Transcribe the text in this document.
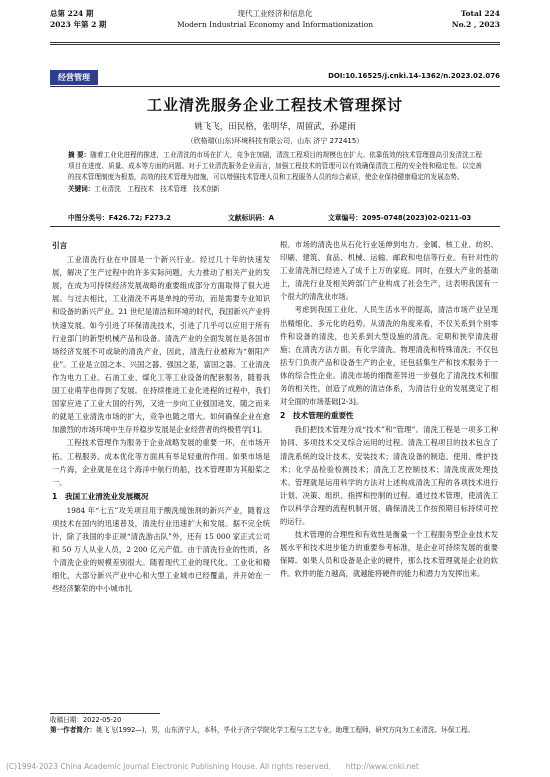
总第 224 期
2023 年第 2 期
现代工业经济和信息化
Modern Industrial Economy and Informationization
Total 224
No.2 , 2023
经营管理	DOI:10.16525/j.cnki.14-1362/n.2023.02.076
工业清洗服务企业工程技术管理探讨
姚飞飞，田民格，张明华，周留武，孙建雨
（欣格瑞(山东)环境科技有限公司，山东 济宁 272415）
摘 要：随着工业化进程的推进，工业清洗的市场在扩大，竞争在加剧，清洗工程项目的规模也在扩大。依靠低效的技术管理提高引发清洗工程项目在进度、质量、成本等方面的问题。对于工业清洗服务企业而言，加强工程技术的管理可以有效确保清洗工程的安全性和稳定性。以完善的技术管理制度为根基，高效的技术管理为措施，可以增强技术管理人员和工程服务人员的综合素质，使企业保持健康稳定的发展态势。
关键词：工业清洗　工程技术　技术管理　技术创新
中图分类号：F426.72; F273.2	文献标识码：A	文章编号：2095-0748(2023)02-0211-03
引言

工业清洗行业在中国是一个新兴行业。经过几十年的快速发展，解决了生产过程中的许多实际问题，大力推动了相关产业的发展，在成为可持续经济发展战略的重要组成部分方面取得了很大进展。与过去相比，工业清洗不再是单纯的劳动，而是需要专业知识和设备的新兴产业。21 世纪是清洁和环境的时代，我国新兴产业将快速发展。如今引进了环保清洗技术，引进了几乎可以应用于所有行业部门的新型机械产品和设备。清洗产业的全面发展在是各国市场经济发展不可或缺的清洗产业，因此，清洗行业被称为“朝阳产业”。工业是立国之本、兴国之器、强国之基，富国之器。工业清洗作为电力工业、石油工业、煤化工等工业设备的配套服务，随着我国工业萌芽也得到了发展。在持续推进工业化进程的过程中，我们国家应进了工业大国的行列，又进一步向工业强国进发，随之而来的就是工业清洗市场的扩大，竞争也随之增大。如何确保企业在愈加激烈的市场环境中生存并稳步发展是企业经营者的终极哲学[1]。

工程技术管理作为服务于企业战略发展的重要一环，在市场开拓、工程服务、成本优化等方面具有举足轻重的作用。如果市场是一片海，企业就是在这个海洋中航行的船，技术管理即为其船桨之一。

1　我国工业清洗业发展概况

1984 年“七五”攻关项目用于酸洗缓蚀剂的新兴产业，随着这项技术在国内的迅速普及，清洗行业迅速扩大和发展。据不完全统计，除了我国的非正规“清洗游击队”外，还有 15 000 家正式公司和 50 万人从业人员，2 200 亿元产值。由于清洗行业的性质，各个清洗企业的规模差别很大。随着现代工业的现代化、工业化和精细化，大部分新兴产业中心和大型工业城市已经覆盖，并开始在一些经济繁荣的中小城市扎

根。市场的清洗也从石化行业延伸到电力、金属、核工业、纺织、印刷、建筑、食品、机械、运输、邮政和电信等行业。有针对性的工业清洗剂已经进入了成千上万的家庭。同时，在强大产业的基础上，清洗行业及相关跨部门产业构成了社会生产，这表明我国有一个很大的清洗业市场。

考虑到我国工业化、人民生活水平的提高，清洁市场产业呈现出精细化、多元化的趋势。从清洗的角度来看，不仅关系到个别零件和设备的清洗，也关系到大型设施的清洗。定期和狭窄清洗措施；在清洗方法方面，有化学清洗、物理清洗和特殊清洗；不仅包括专门负责产品和设备生产的企业，还包括集生产和技术服务于一体的综合性企业。清洗市场的细微差异进一步强化了清洗技术和服务的相关性，创造了成熟的清洁体系，为清洁行业的发展奠定了相对全面的市场基础[2-3]。

2　技术管理的重要性

我们把技术管理分成“技术”和“管理”。清洗工程是一项多工种协同、多项技术交叉综合运用的过程。清洗工程项目的技术包含了清洗系统的设计技术、安装技术；清洗设备的制造、使用、维护技术；化学品检验检测技术；清洗工艺控制技术；清洗废液处理技术。管理就是运用科学的方法对上述构成清洗工程的各项技术进行计划、决策、组织、指挥和控制的过程。通过技术管理，使清洗工作以科学合理的流程机制开展，确保清洗工作按预期目标持续可控的运行。

技术管理的合理性和有效性是衡量一个工程服务型企业技术发展水平和技术进步能力的重要参考标准，是企业可持续发展的重要保障。如果人员和设备是企业的硬件，那么技术管理就是企业的软件。软件的能力越高，就越能将硬件的能力和潜力为发挥出来。

收稿日期：2022-05-20
第一作者简介：姚飞飞(1992—)，男，山东济宁人，本科，毕业于济宁学院化学工程与工艺专业，助理工程师，研究方向为工业清洗、环保工程。
(C)1994-2023 China Academic Journal Electronic Publishing House. All rights reserved.　　http://www.cnki.net
